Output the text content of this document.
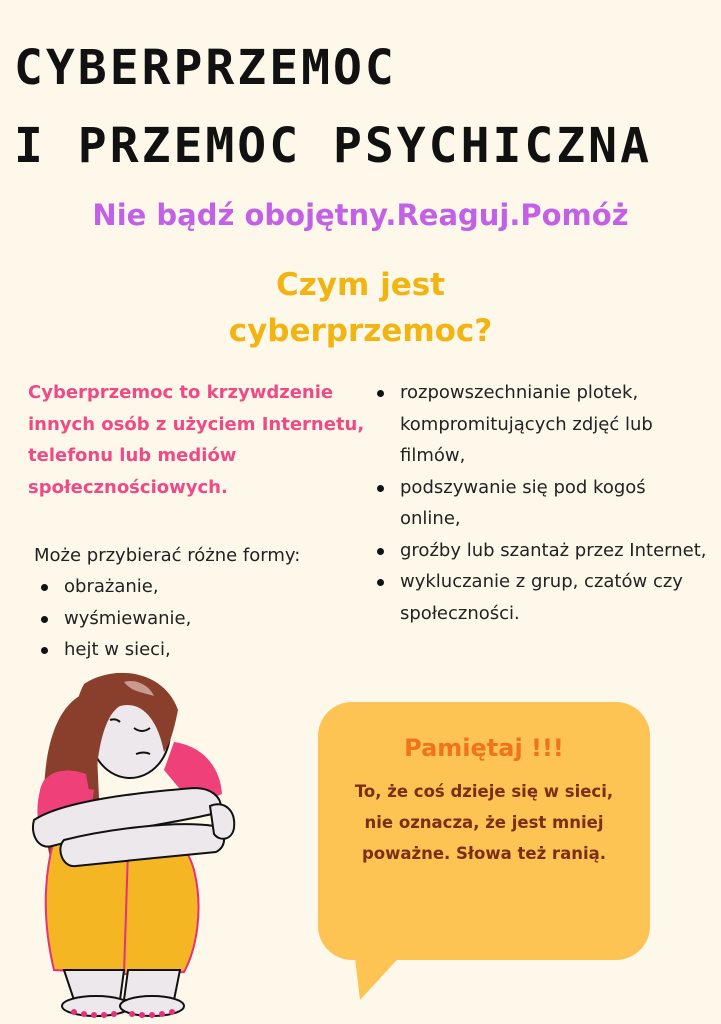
CYBERPRZEMOC
I PRZEMOC PSYCHICZNA
Nie bądź obojętny.Reaguj.Pomóż
Czym jest
cyberprzemoc?
Cyberprzemoc to krzywdzenie innych osób z użyciem Internetu, telefonu lub mediów społecznościowych.
Może przybierać różne formy:
obrażanie,
wyśmiewanie,
hejt w sieci,
rozpowszechnianie plotek, kompromitujących zdjęć lub filmów,
podszywanie się pod kogoś online,
groźby lub szantaż przez Internet,
wykluczanie z grup, czatów czy społeczności.
Pamiętaj !!!
To, że coś dzieje się w sieci, nie oznacza, że jest mniej poważne. Słowa też ranią.
